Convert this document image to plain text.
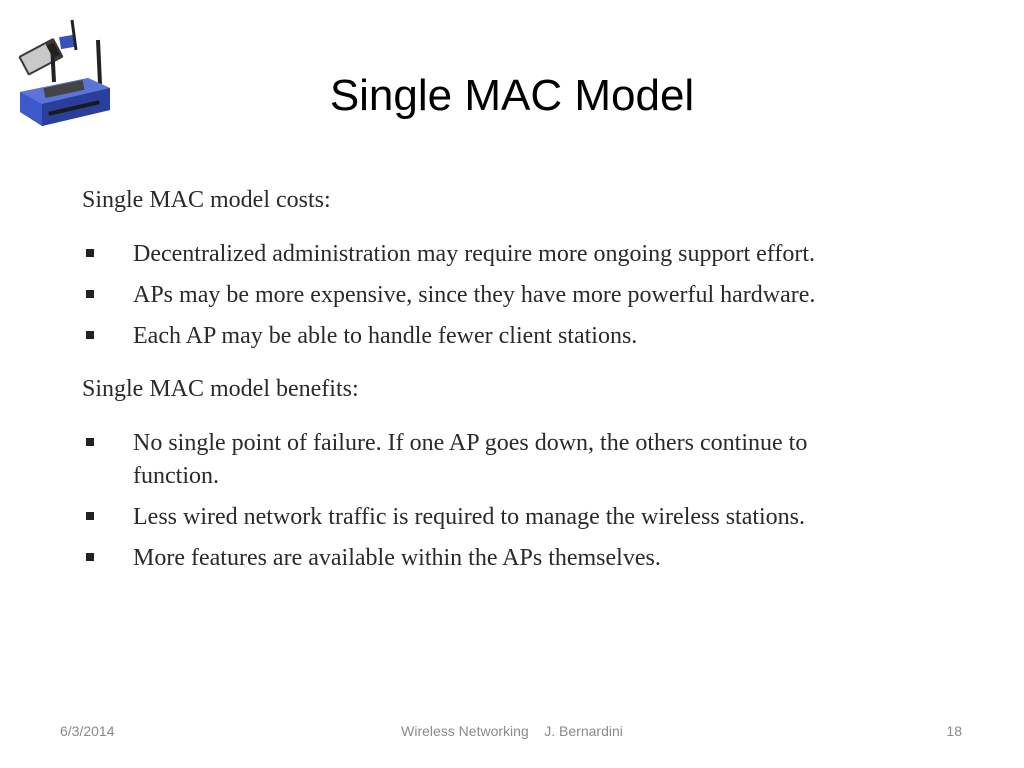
Single MAC Model

Single MAC model costs:

Decentralized administration may require more ongoing support effort.
APs may be more expensive, since they have more powerful hardware.
Each AP may be able to handle fewer client stations.

Single MAC model benefits:

No single point of failure. If one AP goes down, the others continue to function.
Less wired network traffic is required to manage the wireless stations.
More features are available within the APs themselves.
6/3/2014	Wireless Networking    J. Bernardini	18
